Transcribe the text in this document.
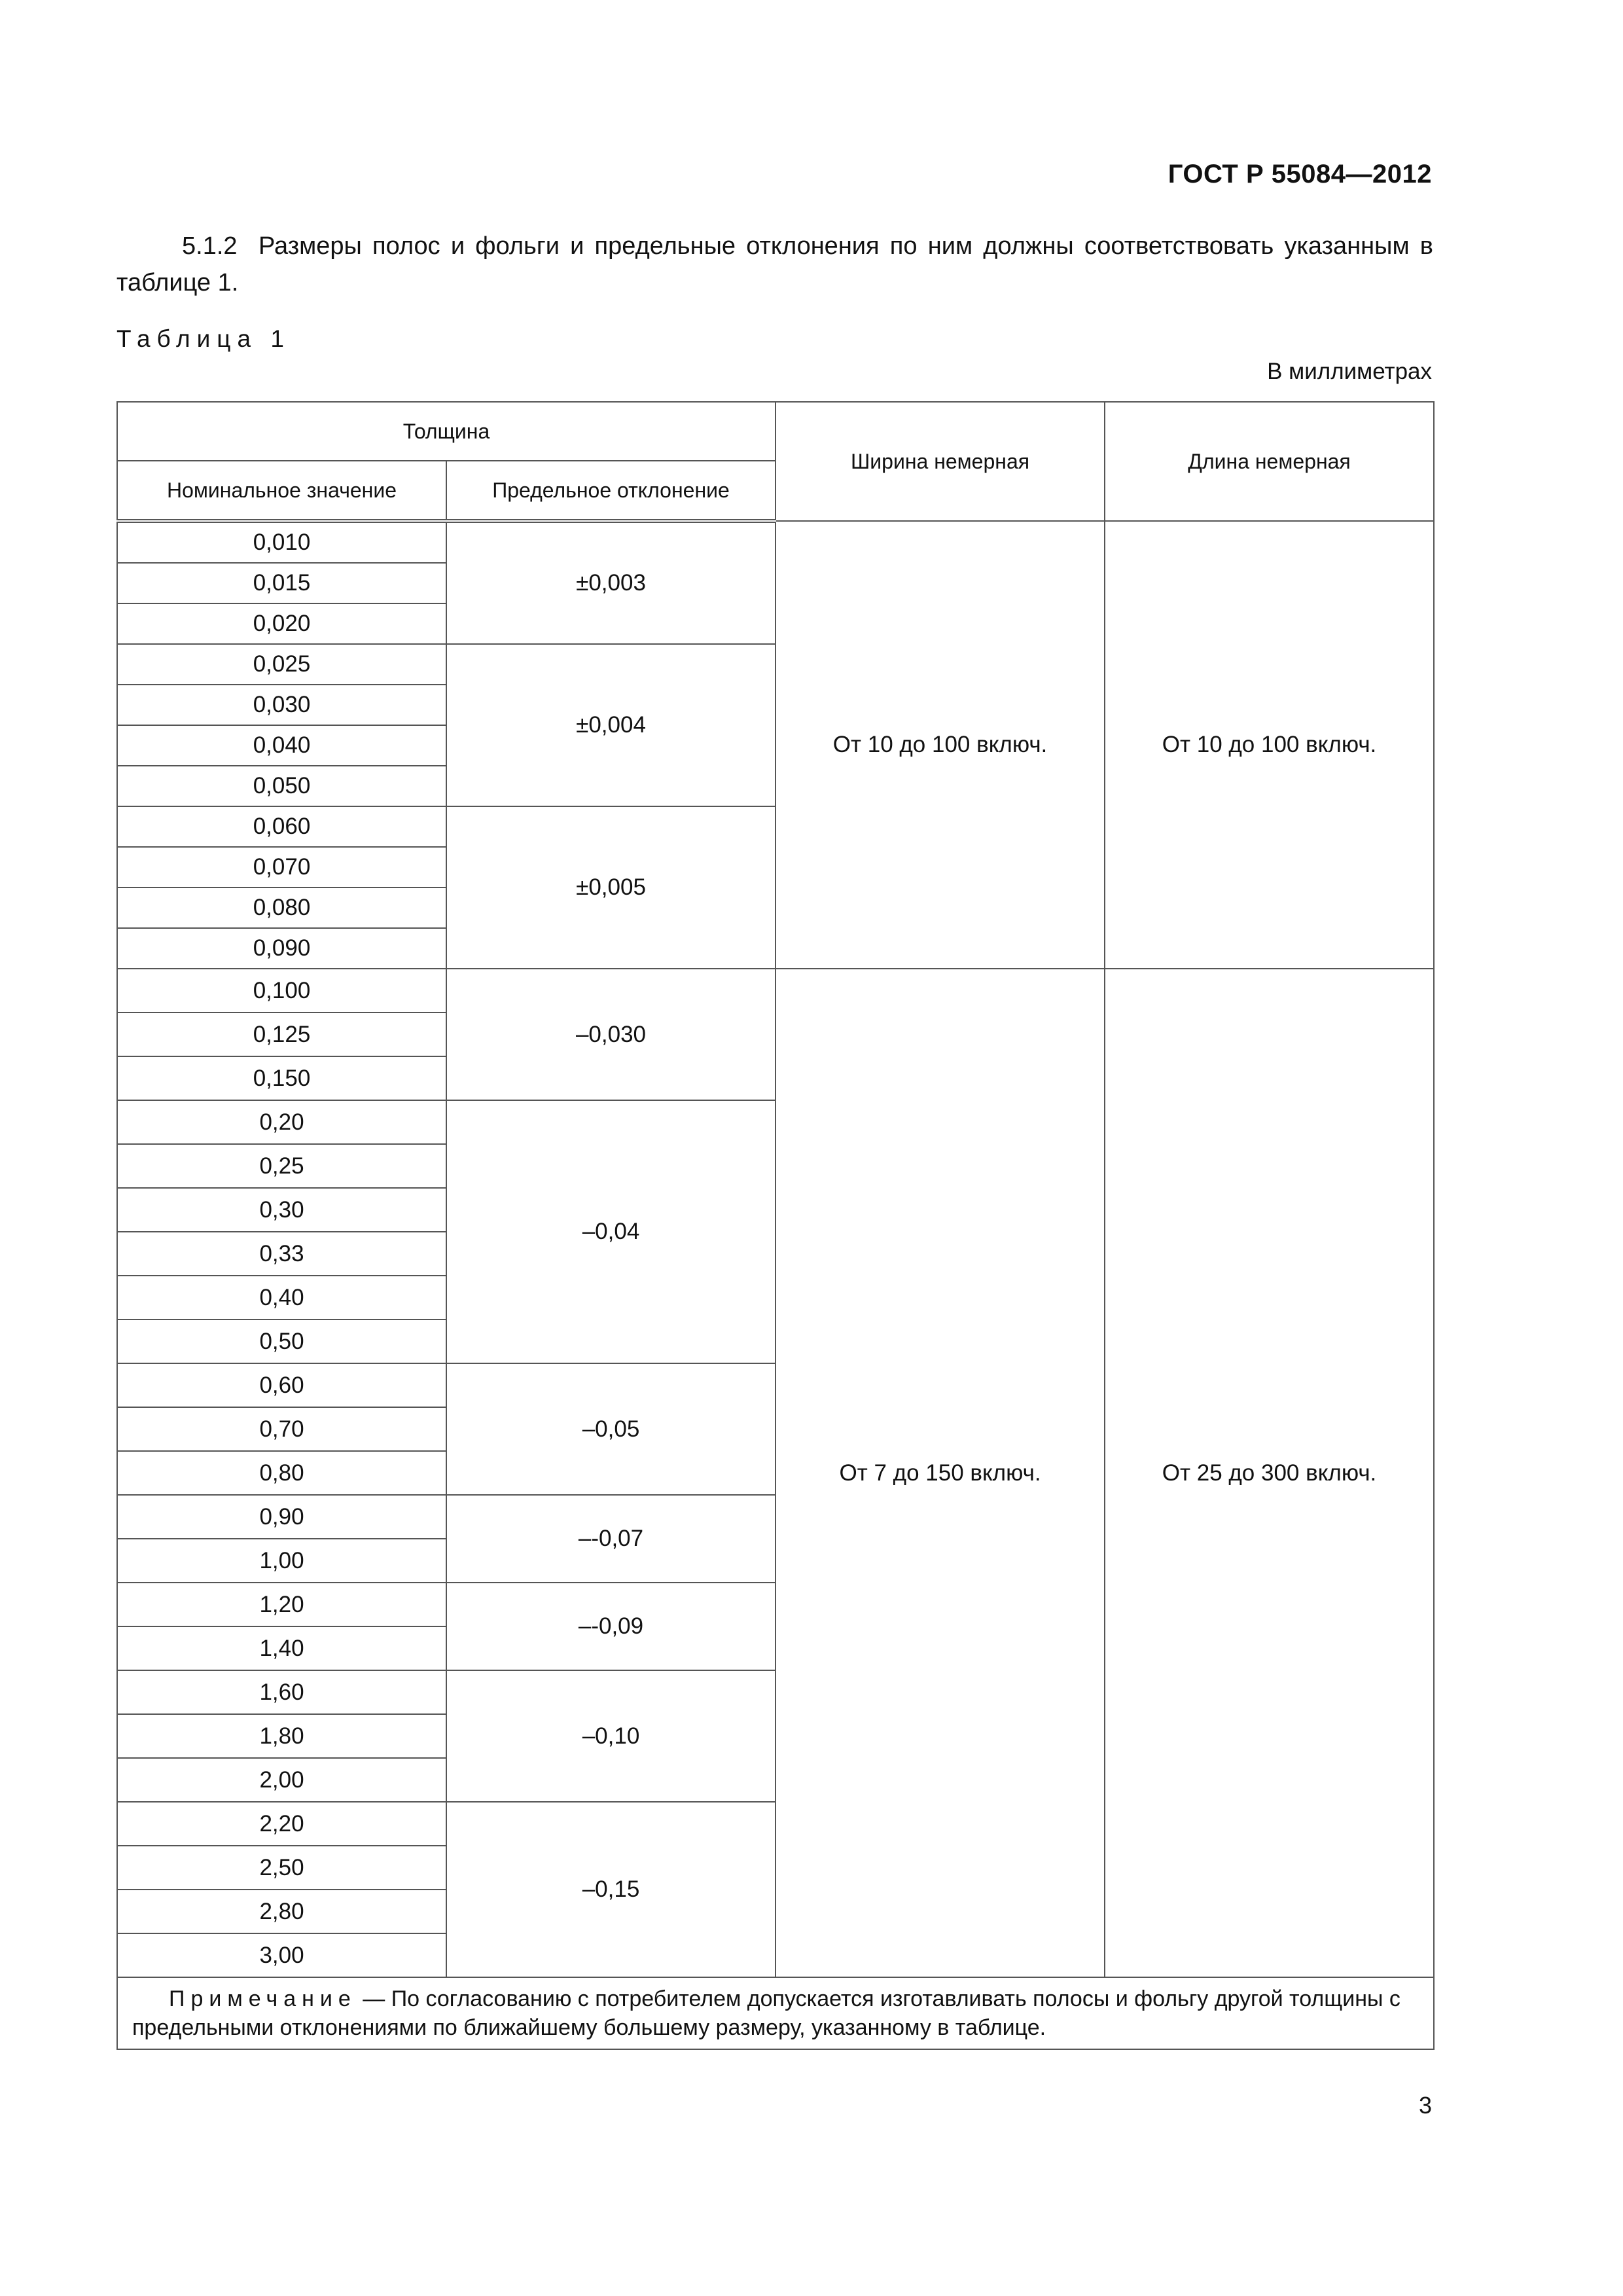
ГОСТ Р 55084—2012
5.1.2 Размеры полос и фольги и предельные отклонения по ним должны соответствовать указанным в таблице 1.
Таблица 1
В миллиметрах
Толщина		Ширина немерная	Длина немерная
Номинальное значение	Предельное отклонение		
0,010	±0,003	От 10 до 100 включ.	От 10 до 100 включ.
0,015			
0,020			
0,025	±0,004		
0,030			
0,040			
0,050			
0,060	±0,005		
0,070			
0,080			
0,090			
0,100	–0,030	От 7 до 150 включ.	От 25 до 300 включ.
0,125			
0,150			
0,20	–0,04		
0,25			
0,30			
0,33			
0,40			
0,50			
0,60	–0,05		
0,70			
0,80			
0,90	–-0,07		
1,00			
1,20	–-0,09		
1,40			
1,60	–0,10		
1,80			
2,00			
2,20	–0,15		
2,50			
2,80			
3,00			
Примечание — По согласованию с потребителем допускается изготавливать полосы и фольгу другой толщины с предельными отклонениями по ближайшему большему размеру, указанному в таблице.			
3
